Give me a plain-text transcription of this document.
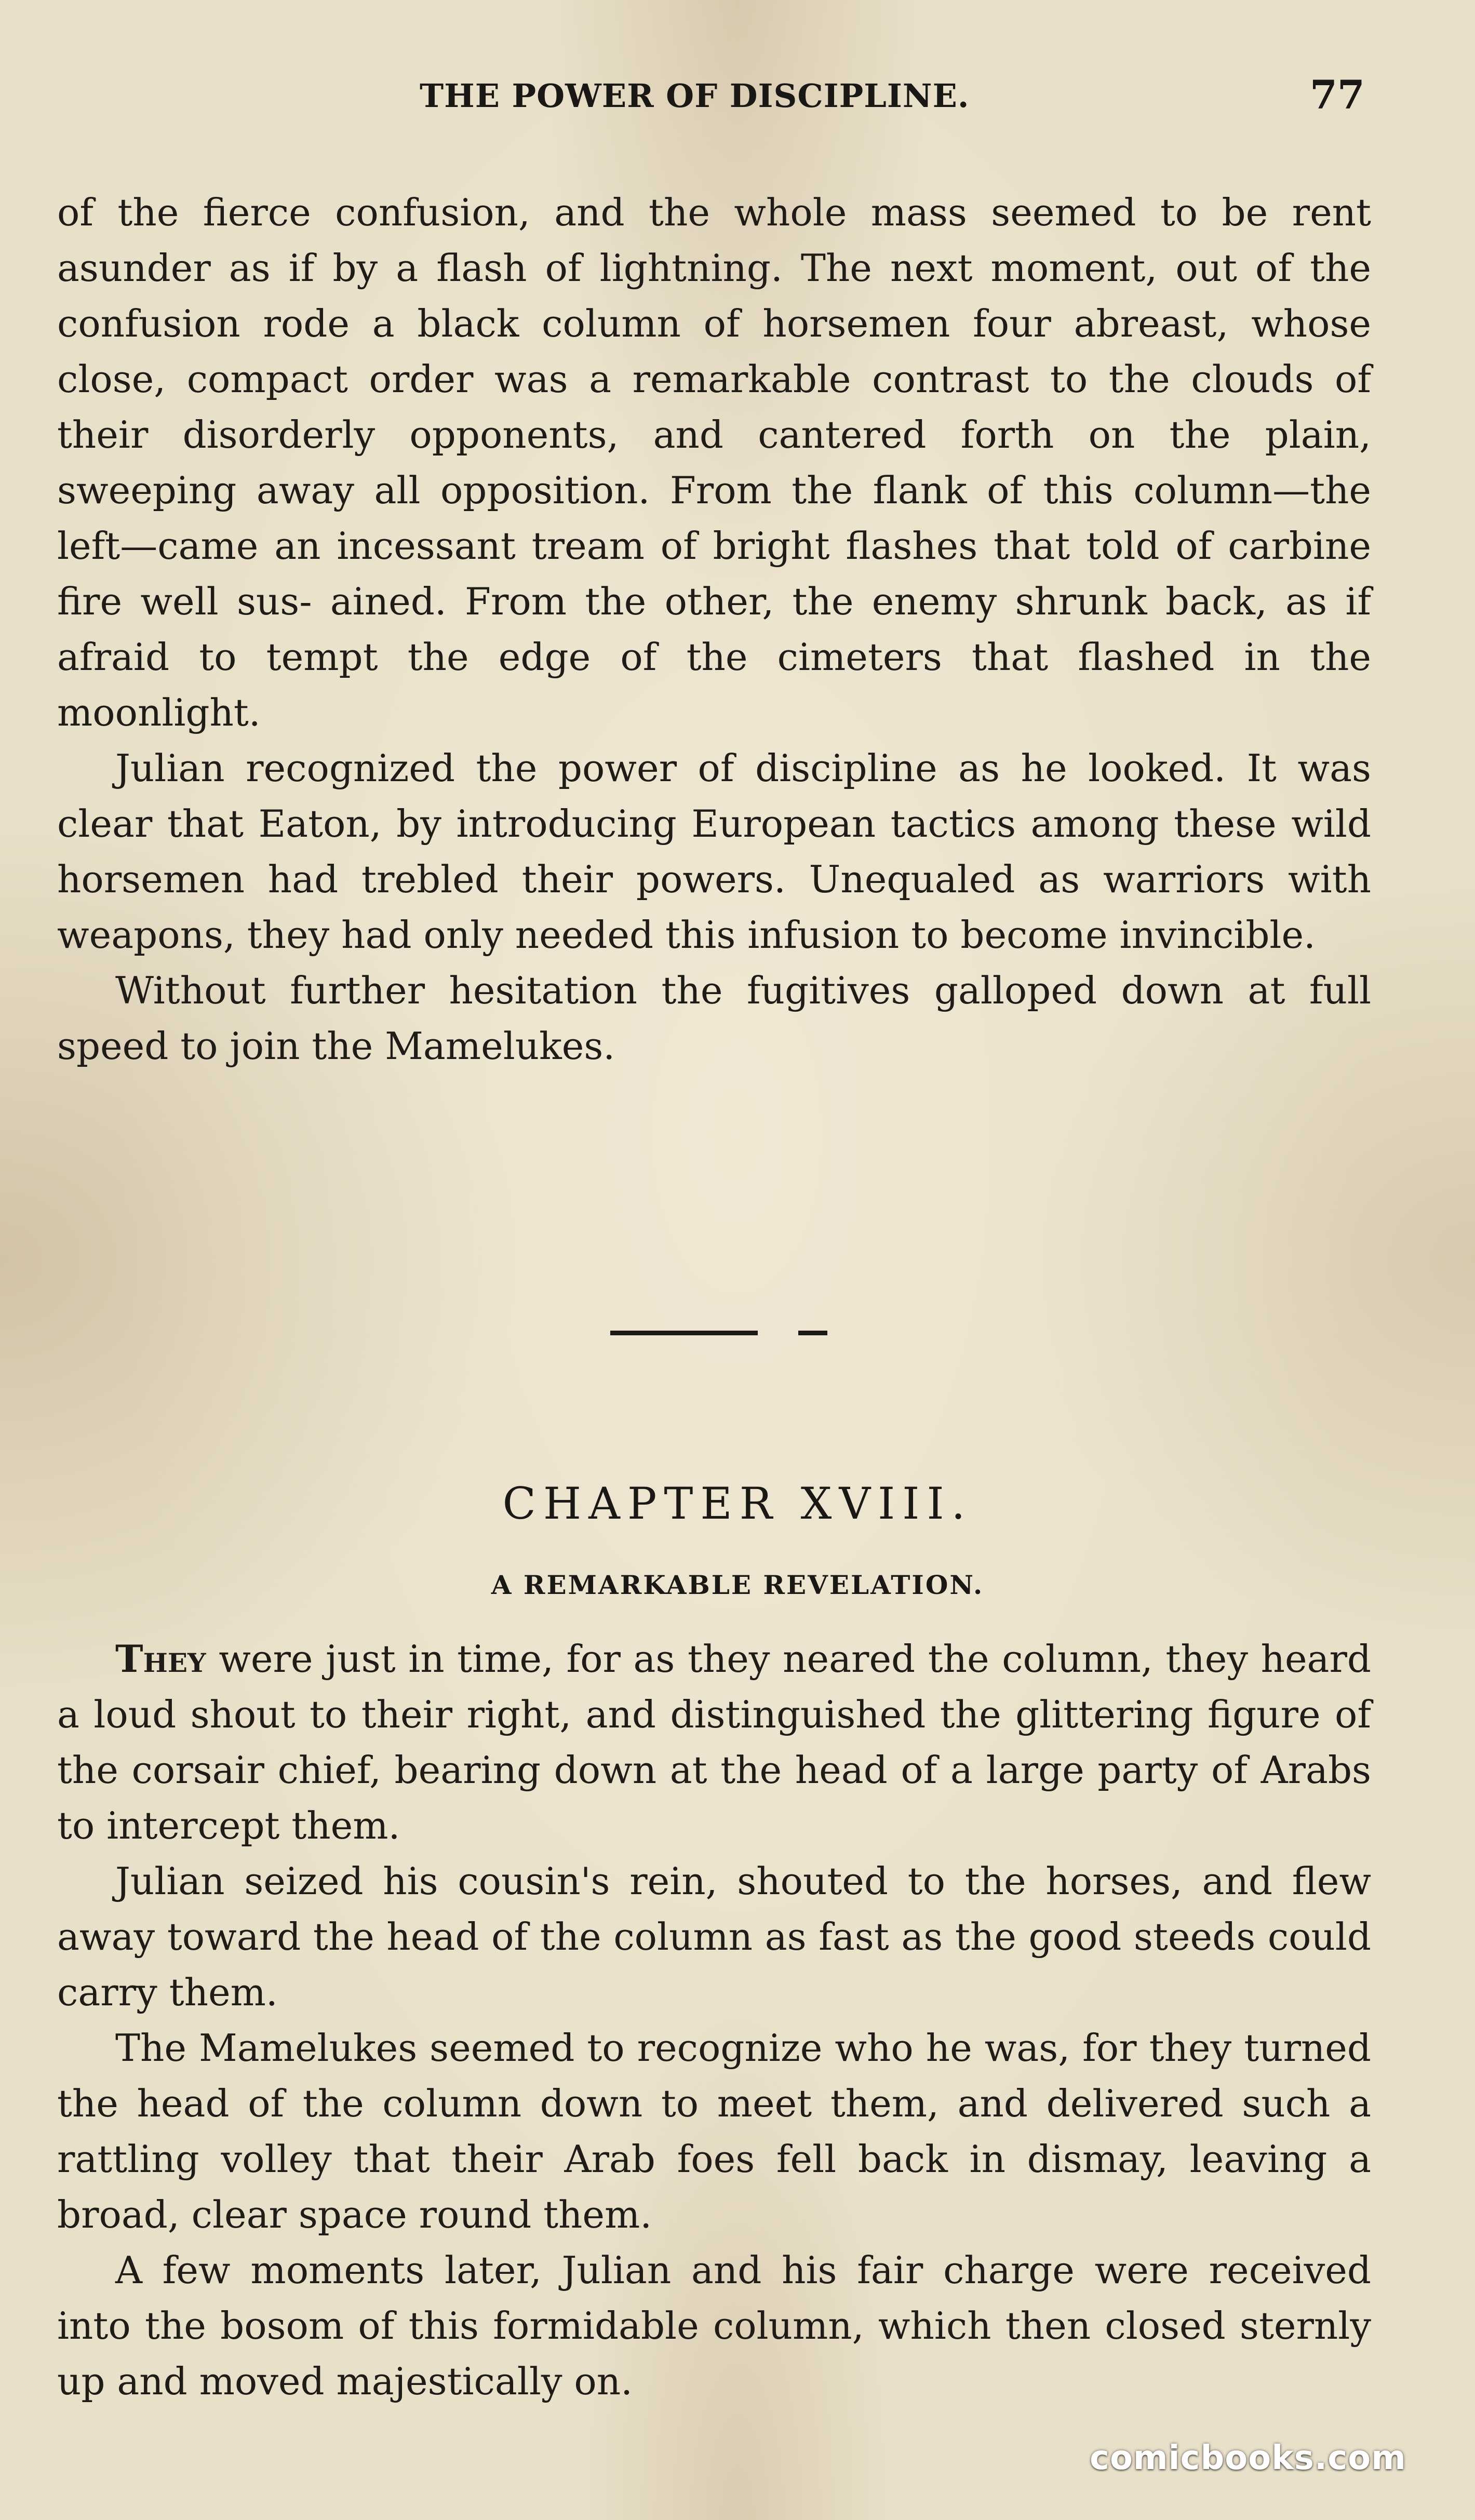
THE POWER OF DISCIPLINE.	77

of the fierce confusion, and the whole mass seemed to be rent asunder as if by a flash of lightning. The next moment, out of the confusion rode a black column of horsemen four abreast, whose close, compact order was a remarkable contrast to the clouds of their disorderly opponents, and cantered forth on the plain, sweeping away all opposition. From the flank of this column—the left—came an incessant tream of bright flashes that told of carbine fire well sus- ained. From the other, the enemy shrunk back, as if afraid to tempt the edge of the cimeters that flashed in the moonlight.

Julian recognized the power of discipline as he looked. It was clear that Eaton, by introducing European tactics among these wild horsemen had trebled their powers. Unequaled as warriors with weapons, they had only needed this infusion to become invincible.

Without further hesitation the fugitives galloped down at full speed to join the Mamelukes.

CHAPTER XVIII.
A REMARKABLE REVELATION.

They were just in time, for as they neared the column, they heard a loud shout to their right, and distinguished the glittering figure of the corsair chief, bearing down at the head of a large party of Arabs to intercept them.

Julian seized his cousin's rein, shouted to the horses, and flew away toward the head of the column as fast as the good steeds could carry them.

The Mamelukes seemed to recognize who he was, for they turned the head of the column down to meet them, and delivered such a rattling volley that their Arab foes fell back in dismay, leaving a broad, clear space round them.

A few moments later, Julian and his fair charge were received into the bosom of this formidable column, which then closed sternly up and moved majestically on.

comicbooks.com
